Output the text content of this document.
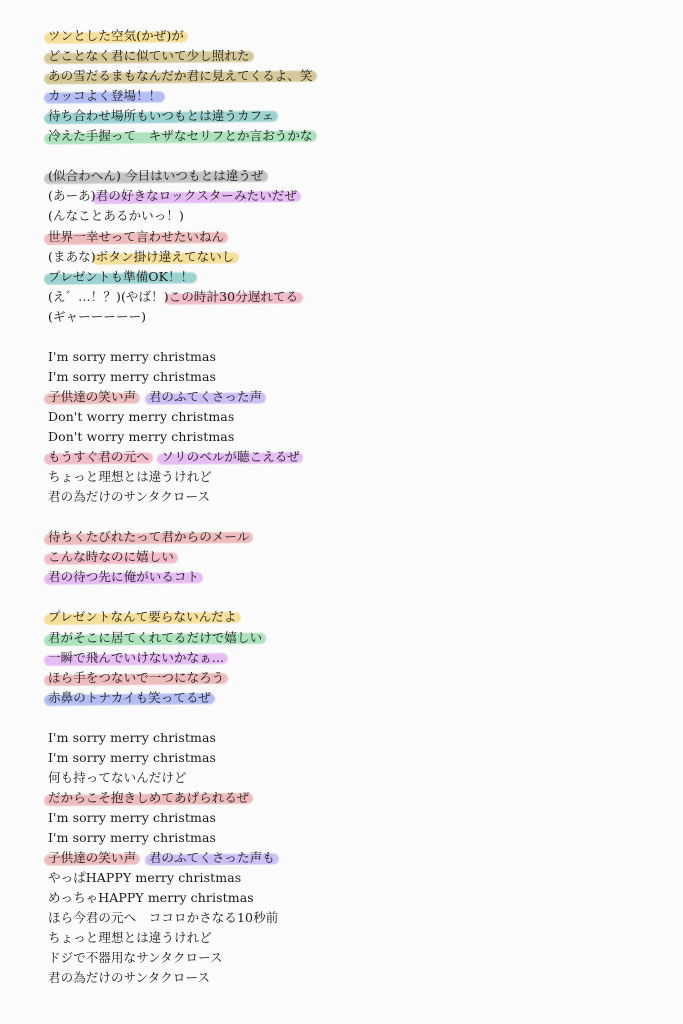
ツンとした空気(かぜ)が
どことなく君に似ていて少し照れた
あの雪だるまもなんだか君に見えてくるよ、笑
カッコよく登場！！
待ち合わせ場所もいつもとは違うカフェ
冷えた手握って　キザなセリフとか言おうかな
(似合わへん) 今日はいつもとは違うぜ
(あーあ)君の好きなロックスターみたいだぜ
(んなことあるかいっ！)
世界一幸せって言わせたいねん
(まあな)ボタン掛け違えてないし
プレゼントも準備OK！！
(え゛…！？)(やば！)この時計30分遅れてる
(ギャーーーーー)
I'm sorry merry christmas
I'm sorry merry christmas
子供達の笑い声　 君のふてくさった声
Don't worry merry christmas
Don't worry merry christmas
もうすぐ君の元へ　 ソリのベルが聴こえるぜ
ちょっと理想とは違うけれど
君の為だけのサンタクロース
待ちくたびれたって君からのメール
こんな時なのに嬉しい
君の待つ先に俺がいるコト
プレゼントなんて要らないんだよ
君がそこに居てくれてるだけで嬉しい
一瞬で飛んでいけないかなぁ…
ほら手をつないで一つになろう
赤鼻のトナカイも笑ってるぜ
I'm sorry merry christmas
I'm sorry merry christmas
何も持ってないんだけど
だからこそ抱きしめてあげられるぜ
I'm sorry merry christmas
I'm sorry merry christmas
子供達の笑い声　 君のふてくさった声も
やっぱHAPPY merry christmas
めっちゃHAPPY merry christmas
ほら今君の元へ　ココロかさなる10秒前
ちょっと理想とは違うけれど
ドジで不器用なサンタクロース
君の為だけのサンタクロース
